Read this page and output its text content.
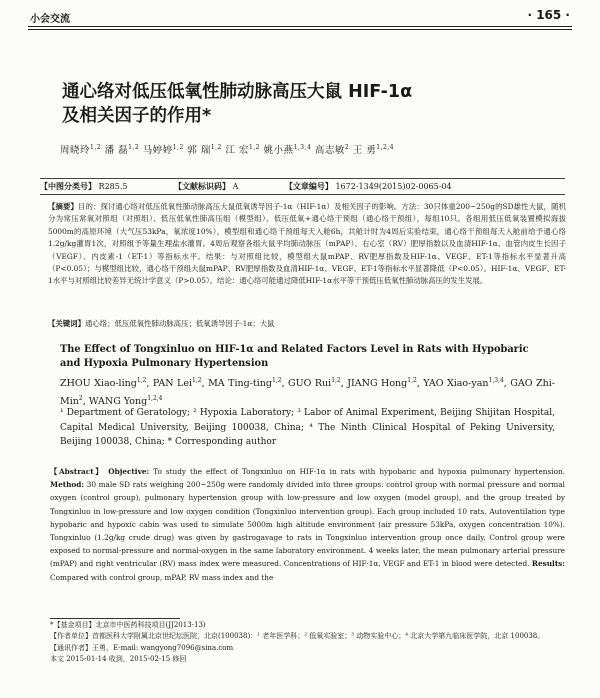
小会交流	· 165 ·
通心络对低压低氧性肺动脉高压大鼠 HIF-1α
及相关因子的作用*
周晓玲$^{1,2}$ 潘 磊$^{1,2}$ 马婷婷$^{1,2}$ 郭 瑞$^{1,2}$ 江 宏$^{1,2}$ 姚小燕$^{1,3,4}$ 高志敏$^2$ 王 勇$^{1,2,4}$
【中图分类号】 R285.5	【文献标识码】 A	【文章编号】 1672-1349(2015)02-0065-04
【摘要】目的：探讨通心络对低压低氧性肺动脉高压大鼠低氧诱导因子-1α（HIF-1α）及相关因子的影响。方法：30只体重200~250g的SD雄性大鼠，随机分为常压常氧对照组（对照组）、低压低氧性肺高压组（模型组）、低压低氧+通心络干预组（通心络干预组），每组10只。各组用低压低氧装置模拟海拔5000m的高原环境（大气压53kPa，氧浓度10%），模型组和通心络干预组每天入舱6h，共舱计时为4周后实验结束，通心络干预组每天入舱前给予通心络1.2g/kg灌胃1次，对照组予等量生理盐水灌胃。4周后观察各组大鼠平均肺动脉压（mPAP）、右心室（RV）肥厚指数以及血清HIF-1α、血管内皮生长因子（VEGF）、内皮素-1（ET-1）等指标水平。结果：与对照组比较，模型组大鼠mPAP、RV肥厚指数及HIF-1α、VEGF、ET-1等指标水平显著升高（P<0.05）；与模型组比较，通心络干预组大鼠mPAP、RV肥厚指数及血清HIF-1α、VEGF、ET-1等指标水平显著降低（P<0.05）。HIF-1α、VEGF、ET-1水平与对照组比较差异无统计学意义（P>0.05）。结论：通心络可能通过降低HIF-1α水平等干预低压低氧性肺动脉高压的发生发展。
【关键词】通心络；低压低氧性肺动脉高压；低氧诱导因子-1α；大鼠
The Effect of Tongxinluo on HIF-1α and Related Factors Level in Rats with Hypobaric and Hypoxia Pulmonary Hypertension
ZHOU Xiao-ling$^{1,2}$, PAN Lei$^{1,2}$, MA Ting-ting$^{1,2}$, GUO Rui$^{1,2}$, JIANG Hong$^{1,2}$, YAO Xiao-yan$^{1,3,4}$, GAO Zhi-Min$^2$, WANG Yong$^{1,2,4}$
¹ Department of Geratology; ² Hypoxia Laboratory; ³ Labor of Animal Experiment, Beijing Shijitan Hospital, Capital Medical University, Beijing 100038, China; ⁴ The Ninth Clinical Hospital of Peking University, Beijing 100038, China; * Corresponding author
【Abstract】 Objective: To study the effect of Tongxinluo on HIF-1α in rats with hypobaric and hypoxia pulmonary hypertension. Method: 30 male SD rats weighing 200~250g were randomly divided into three groups: control group with normal pressure and normal oxygen (control group), pulmonary hypertension group with low-pressure and low oxygen (model group), and the group treated by Tongxinluo in low-pressure and low oxygen condition (Tongxinluo intervention group). Each group included 10 rats. Autoventilation type hypobaric and hypoxic cabin was used to simulate 5000m high altitude environment (air pressure 53kPa, oxygen concentration 10%). Tongxinluo (1.2g/kg crude drug) was given by gastrogavage to rats in Tongxinluo intervention group once daily. Control group were exposed to normal-pressure and normal-oxygen in the same laboratory environment. 4 weeks later, the mean pulmonary arterial pressure (mPAP) and right ventricular (RV) mass index were measured. Concentrations of HIF-1α, VEGF and ET-1 in blood were detected. Results: Compared with control group, mPAP, RV mass index and the

*【基金项目】北京市中医药科技项目(JJ2013-13)

【作者单位】首都医科大学附属北京世纪坛医院，北京(100038)：¹ 老年医学科；² 低氧实验室；³ 动物实验中心；⁴ 北京大学第九临床医学院，北京 100038。

【通讯作者】王勇，E-mail: wangyong7096@sina.com

本文 2015-01-14 收到，2015-02-15 修回
